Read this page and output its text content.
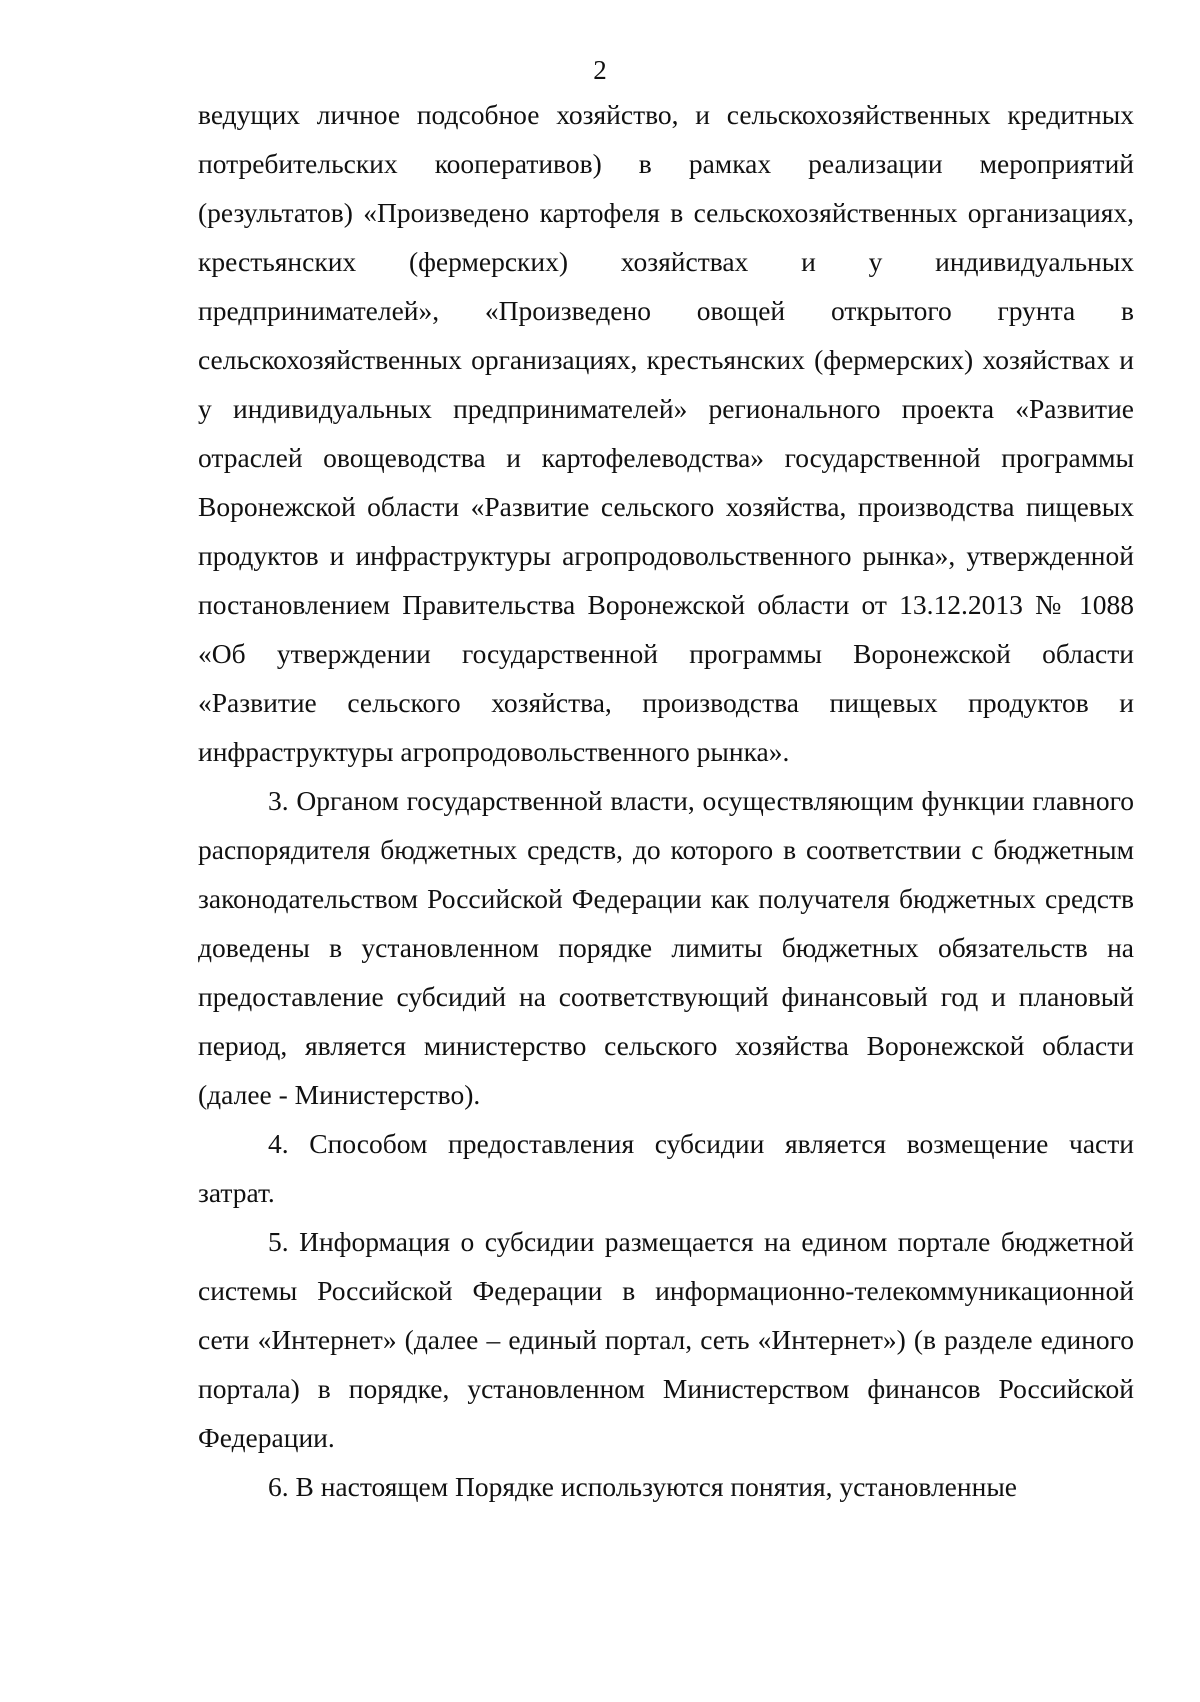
2

ведущих личное подсобное хозяйство, и сельскохозяйственных кредитных потребительских кооперативов) в рамках реализации мероприятий (результатов) «Произведено картофеля в сельскохозяйственных организациях, крестьянских (фермерских) хозяйствах и у индивидуальных предпринимателей», «Произведено овощей открытого грунта в сельскохозяйственных организациях, крестьянских (фермерских) хозяйствах и у индивидуальных предпринимателей» регионального проекта «Развитие отраслей овощеводства и картофелеводства» государственной программы Воронежской области «Развитие сельского хозяйства, производства пищевых продуктов и инфраструктуры агропродовольственного рынка», утвержденной постановлением Правительства Воронежской области от 13.12.2013 № 1088 «Об утверждении государственной программы Воронежской области «Развитие сельского хозяйства, производства пищевых продуктов и инфраструктуры агропродовольственного рынка».

3. Органом государственной власти, осуществляющим функции главного распорядителя бюджетных средств, до которого в соответствии с бюджетным законодательством Российской Федерации как получателя бюджетных средств доведены в установленном порядке лимиты бюджетных обязательств на предоставление субсидий на соответствующий финансовый год и плановый период, является министерство сельского хозяйства Воронежской области (далее - Министерство).

4. Способом предоставления субсидии является возмещение части затрат.

5. Информация о субсидии размещается на едином портале бюджетной системы Российской Федерации в информационно-телекоммуникационной сети «Интернет» (далее – единый портал, сеть «Интернет») (в разделе единого портала) в порядке, установленном Министерством финансов Российской Федерации.

6. В настоящем Порядке используются понятия, установленные
